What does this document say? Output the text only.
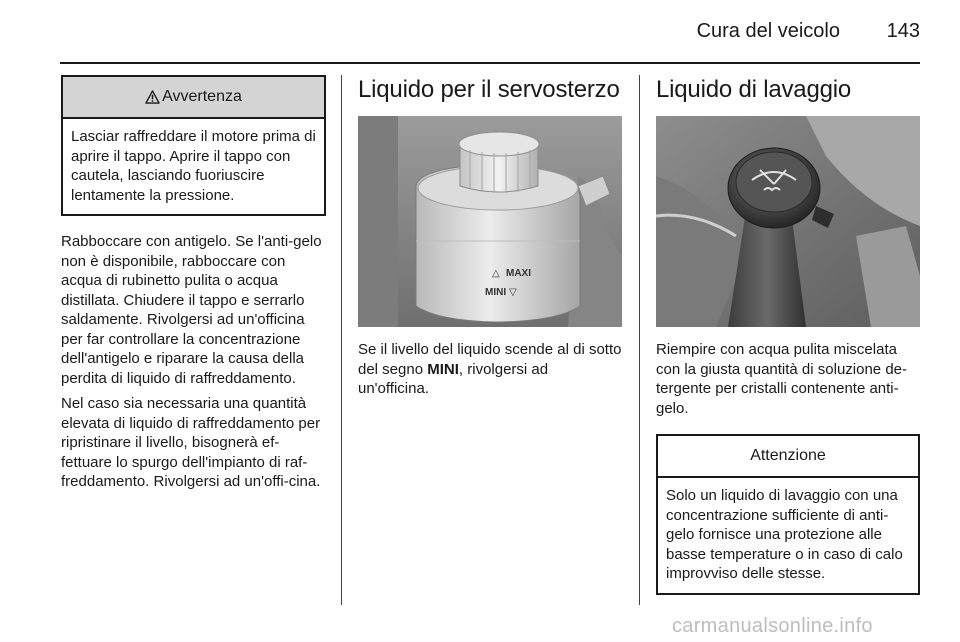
Cura del veicolo 143
Avvertenza
Lasciar raffreddare il motore prima di aprire il tappo. Aprire il tappo con cautela, lasciando fuoriuscire lentamente la pressione.

Rabboccare con antigelo. Se l'anti-gelo non è disponibile, rabboccare con acqua di rubinetto pulita o acqua distillata. Chiudere il tappo e serrarlo saldamente. Rivolgersi ad un'officina per far controllare la concentrazione dell'antigelo e riparare la causa della perdita di liquido di raffreddamento.

Nel caso sia necessaria una quantità elevata di liquido di raffreddamento per ripristinare il livello, bisognerà ef-fettuare lo spurgo dell'impianto di raf-freddamento. Rivolgersi ad un'offi-cina.

Liquido per il servosterzo
△ MAXI
MINI ▽

Se il livello del liquido scende al di sotto del segno MINI, rivolgersi ad un'officina.

Liquido di lavaggio

Riempire con acqua pulita miscelata con la giusta quantità di soluzione de-tergente per cristalli contenente anti-gelo.

Attenzione
Solo un liquido di lavaggio con una concentrazione sufficiente di anti-gelo fornisce una protezione alle basse temperature o in caso di calo improvviso delle stesse.
carmanualsonline.info
